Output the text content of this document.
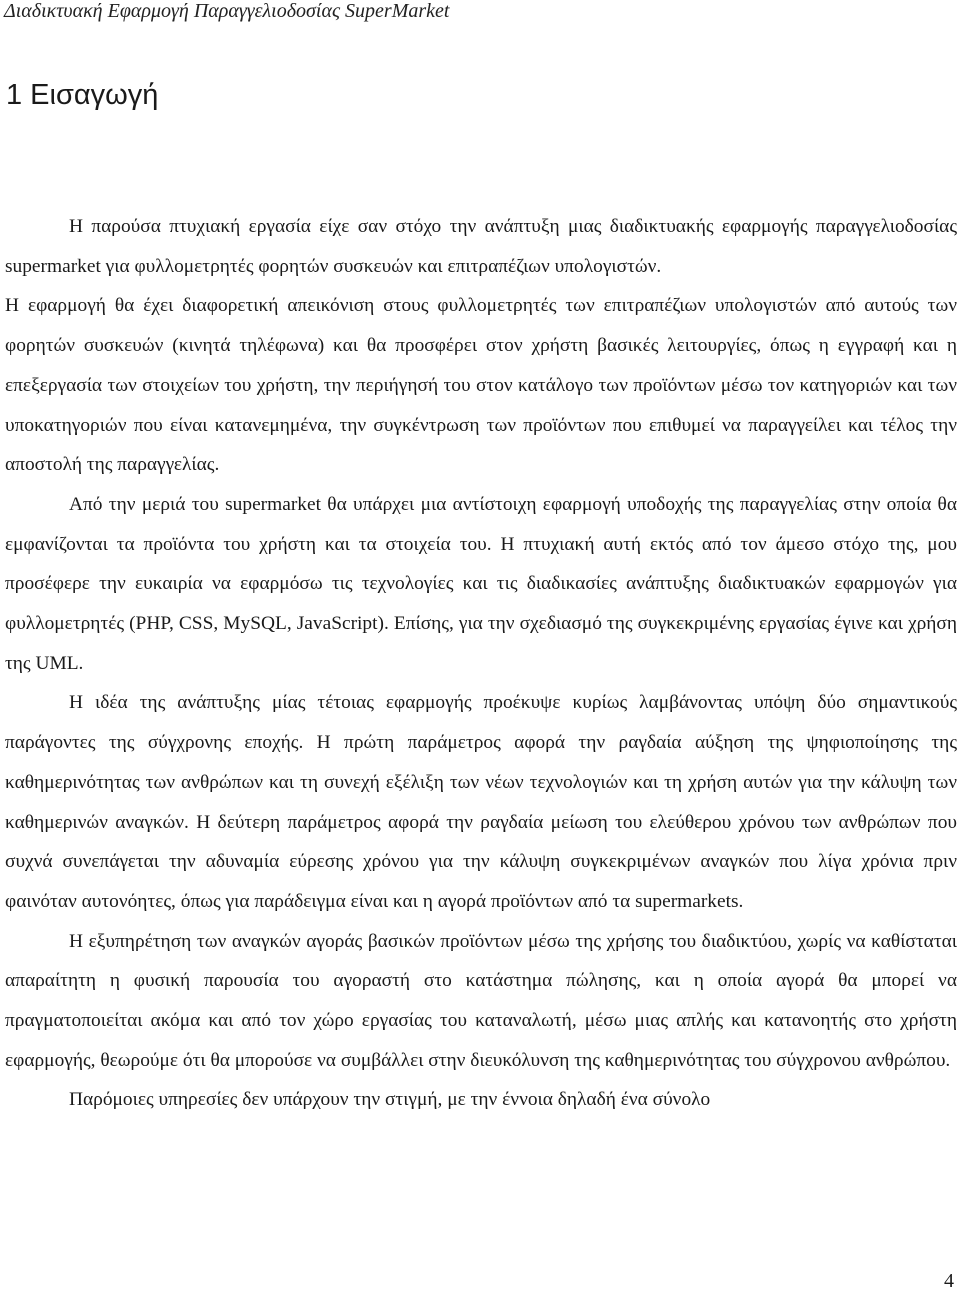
Διαδικτυακή Εφαρμογή Παραγγελιοδοσίας SuperMarket
1 Εισαγωγή

Η παρούσα πτυχιακή εργασία είχε σαν στόχο την ανάπτυξη μιας διαδικτυακής εφαρμογής παραγγελιοδοσίας supermarket για φυλλομετρητές φορητών συσκευών και επιτραπέζιων υπολογιστών.

Η εφαρμογή θα έχει διαφορετική απεικόνιση στους φυλλομετρητές των επιτραπέζιων υπολογιστών από αυτούς των φορητών συσκευών (κινητά τηλέφωνα) και θα προσφέρει στον χρήστη βασικές λειτουργίες, όπως η εγγραφή και η επεξεργασία των στοιχείων του χρήστη, την περιήγησή του στον κατάλογο των προϊόντων μέσω τον κατηγοριών και των υποκατηγοριών που είναι κατανεμημένα, την συγκέντρωση των προϊόντων που επιθυμεί να παραγγείλει και τέλος την αποστολή της παραγγελίας.

Από την μεριά του supermarket θα υπάρχει μια αντίστοιχη εφαρμογή υποδοχής της παραγγελίας στην οποία θα εμφανίζονται τα προϊόντα του χρήστη και τα στοιχεία του. Η πτυχιακή αυτή εκτός από τον άμεσο στόχο της, μου προσέφερε την ευκαιρία να εφαρμόσω τις τεχνολογίες και τις διαδικασίες ανάπτυξης διαδικτυακών εφαρμογών για φυλλομετρητές (PHP, CSS, MySQL, JavaScript). Επίσης, για την σχεδιασμό της συγκεκριμένης εργασίας έγινε και χρήση της UML.

Η ιδέα της ανάπτυξης μίας τέτοιας εφαρμογής προέκυψε κυρίως λαμβάνοντας υπόψη δύο σημαντικούς παράγοντες της σύγχρονης εποχής. Η πρώτη παράμετρος αφορά την ραγδαία αύξηση της ψηφιοποίησης της καθημερινότητας των ανθρώπων και τη συνεχή εξέλιξη των νέων τεχνολογιών και τη χρήση αυτών για την κάλυψη των καθημερινών αναγκών. Η δεύτερη παράμετρος αφορά την ραγδαία μείωση του ελεύθερου χρόνου των ανθρώπων που συχνά συνεπάγεται την αδυναμία εύρεσης χρόνου για την κάλυψη συγκεκριμένων αναγκών που λίγα χρόνια πριν φαινόταν αυτονόητες, όπως για παράδειγμα είναι και η αγορά προϊόντων από τα supermarkets.

Η εξυπηρέτηση των αναγκών αγοράς βασικών προϊόντων μέσω της χρήσης του διαδικτύου, χωρίς να καθίσταται απαραίτητη η φυσική παρουσία του αγοραστή στο κατάστημα πώλησης, και η οποία αγορά θα μπορεί να πραγματοποιείται ακόμα και από τον χώρο εργασίας του καταναλωτή, μέσω μιας απλής και κατανοητής στο χρήστη εφαρμογής, θεωρούμε ότι θα μπορούσε να συμβάλλει στην διευκόλυνση της καθημερινότητας του σύγχρονου ανθρώπου.

Παρόμοιες υπηρεσίες δεν υπάρχουν την στιγμή, με την έννοια δηλαδή ένα σύνολο

4
